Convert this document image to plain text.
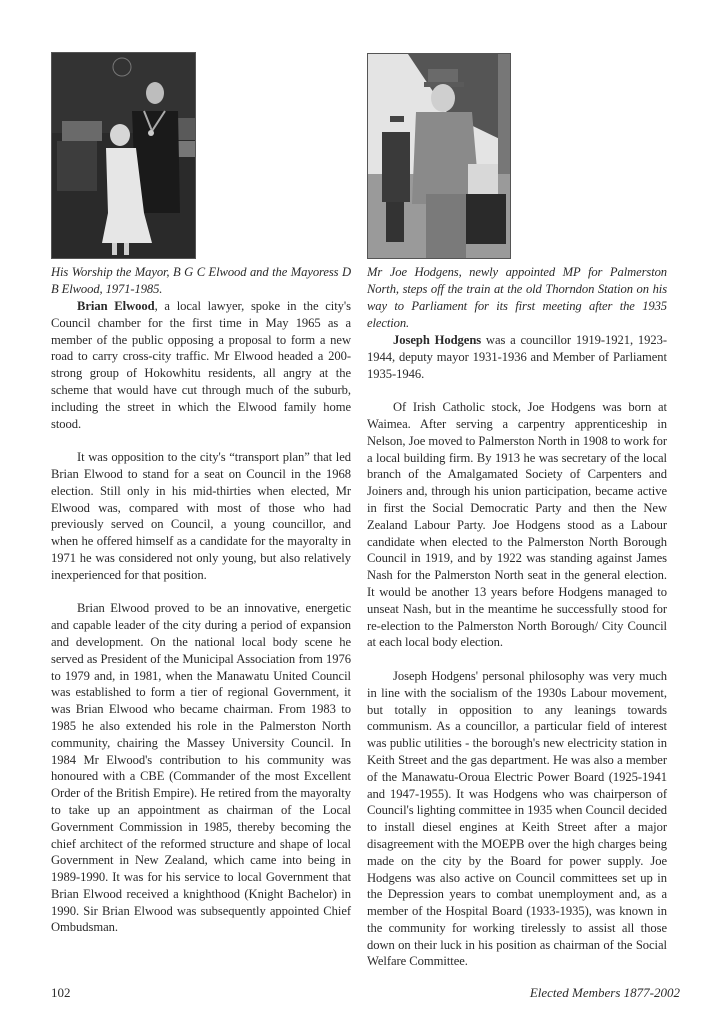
His Worship the Mayor, B G C Elwood and the Mayoress D B Elwood, 1971-1985.

Brian Elwood, a local lawyer, spoke in the city's Council chamber for the first time in May 1965 as a member of the public opposing a proposal to form a new road to carry cross-city traffic. Mr Elwood headed a 200-strong group of Hokowhitu residents, all angry at the scheme that would have cut through much of the suburb, including the street in which the Elwood family home stood.

It was opposition to the city's “transport plan” that led Brian Elwood to stand for a seat on Council in the 1968 election. Still only in his mid-thirties when elected, Mr Elwood was, compared with most of those who had previously served on Council, a young councillor, and when he offered himself as a candidate for the mayoralty in 1971 he was considered not only young, but also relatively inexperienced for that position.

Brian Elwood proved to be an innovative, energetic and capable leader of the city during a period of expansion and development. On the national local body scene he served as President of the Municipal Association from 1976 to 1979 and, in 1981, when the Manawatu United Council was established to form a tier of regional Government, it was Brian Elwood who became chairman. From 1983 to 1985 he also extended his role in the Palmerston North community, chairing the Massey University Council. In 1984 Mr Elwood's contribution to his community was honoured with a CBE (Commander of the most Excellent Order of the British Empire). He retired from the mayoralty to take up an appointment as chairman of the Local Government Commission in 1985, thereby becoming the chief architect of the reformed structure and shape of local Government in New Zealand, which came into being in 1989-1990. It was for his service to local Government that Brian Elwood received a knighthood (Knight Bachelor) in 1990. Sir Brian Elwood was subsequently appointed Chief Ombudsman.

Mr Joe Hodgens, newly appointed MP for Palmerston North, steps off the train at the old Thorndon Station on his way to Parliament for its first meeting after the 1935 election.

Joseph Hodgens was a councillor 1919-1921, 1923-1944, deputy mayor 1931-1936 and Member of Parliament 1935-1946.

Of Irish Catholic stock, Joe Hodgens was born at Waimea. After serving a carpentry apprenticeship in Nelson, Joe moved to Palmerston North in 1908 to work for a local building firm. By 1913 he was secretary of the local branch of the Amalgamated Society of Carpenters and Joiners and, through his union participation, became active in first the Social Democratic Party and then the New Zealand Labour Party. Joe Hodgens stood as a Labour candidate when elected to the Palmerston North Borough Council in 1919, and by 1922 was standing against James Nash for the Palmerston North seat in the general election. It would be another 13 years before Hodgens managed to unseat Nash, but in the meantime he successfully stood for re-election to the Palmerston North Borough/ City Council at each local body election.

Joseph Hodgens' personal philosophy was very much in line with the socialism of the 1930s Labour movement, but totally in opposition to any leanings towards communism. As a councillor, a particular field of interest was public utilities - the borough's new electricity station in Keith Street and the gas department. He was also a member of the Manawatu-Oroua Electric Power Board (1925-1941 and 1947-1955). It was Hodgens who was chairperson of Council's lighting committee in 1935 when Council decided to install diesel engines at Keith Street after a major disagreement with the MOEPB over the high charges being made on the city by the Board for power supply. Joe Hodgens was also active on Council committees set up in the Depression years to combat unemployment and, as a member of the Hospital Board (1933-1935), was known in the community for working tirelessly to assist all those down on their luck in his position as chairman of the Social Welfare Committee.

102	Elected Members 1877-2002
